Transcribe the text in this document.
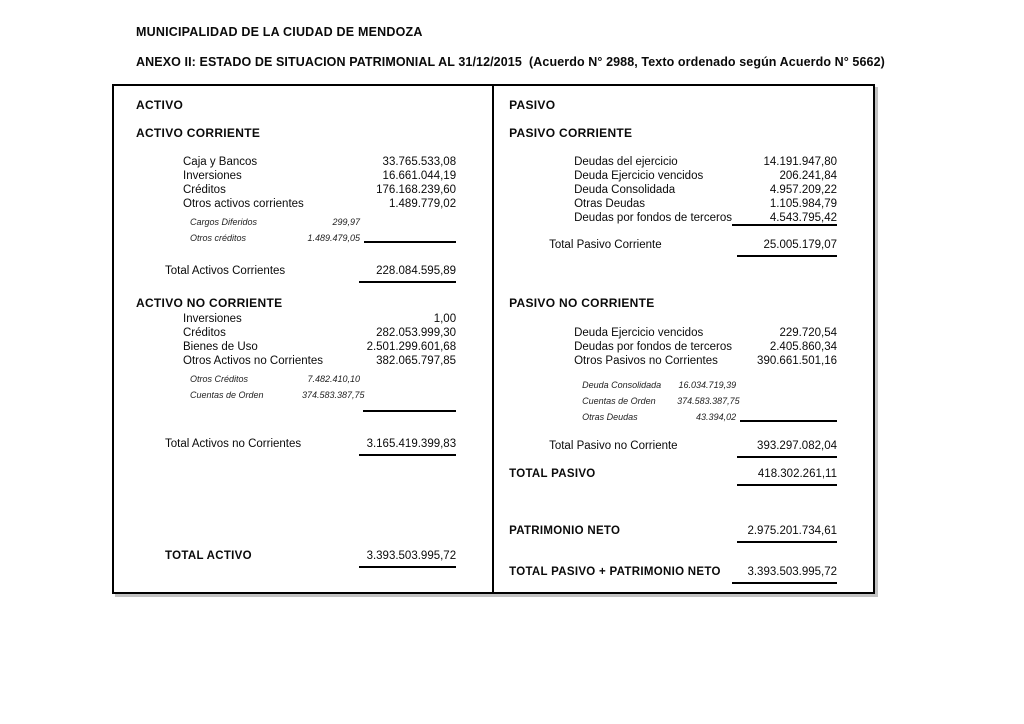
MUNICIPALIDAD DE LA CIUDAD DE MENDOZA
ANEXO II: ESTADO DE SITUACION PATRIMONIAL AL 31/12/2015  (Acuerdo N° 2988, Texto ordenado según Acuerdo N° 5662)
ACTIVO
ACTIVO CORRIENTE
Caja y Bancos	33.765.533,08
Inversiones	16.661.044,19
Créditos	176.168.239,60
Otros activos corrientes	1.489.779,02
Cargos Diferidos	299,97
Otros créditos	1.489.479,05
Total Activos Corrientes	228.084.595,89
ACTIVO NO CORRIENTE
Inversiones	1,00
Créditos	282.053.999,30
Bienes de Uso	2.501.299.601,68
Otros Activos no Corrientes	382.065.797,85
Otros Créditos	7.482.410,10
Cuentas de Orden	374.583.387,75
Total Activos no Corrientes	3.165.419.399,83
TOTAL ACTIVO	3.393.503.995,72
PASIVO
PASIVO CORRIENTE
Deudas del ejercicio	14.191.947,80
Deuda Ejercicio vencidos	206.241,84
Deuda Consolidada	4.957.209,22
Otras Deudas	1.105.984,79
Deudas por fondos de terceros	4.543.795,42
Total Pasivo Corriente	25.005.179,07
PASIVO NO CORRIENTE
Deuda Ejercicio vencidos	229.720,54
Deudas por fondos de terceros	2.405.860,34
Otros Pasivos no Corrientes	390.661.501,16
Deuda Consolidada	16.034.719,39
Cuentas de Orden	374.583.387,75
Otras Deudas	43.394,02
Total Pasivo no Corriente	393.297.082,04
TOTAL PASIVO	418.302.261,11
PATRIMONIO NETO	2.975.201.734,61
TOTAL PASIVO + PATRIMONIO NETO	3.393.503.995,72
